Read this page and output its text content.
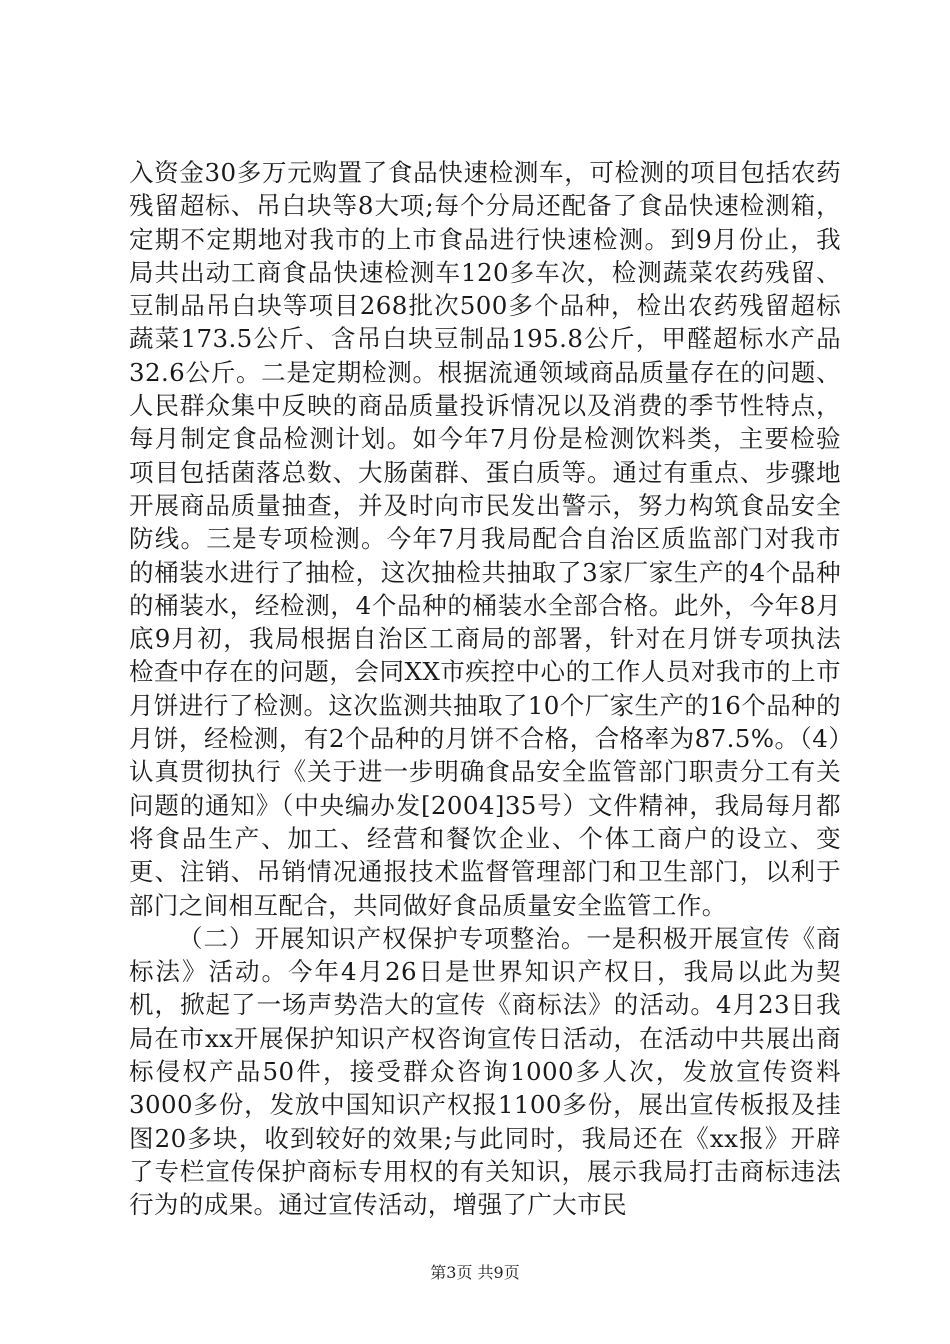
入资金30多万元购置了食品快速检测车，可检测的项目包括农药残留超标、吊白块等8大项;每个分局还配备了食品快速检测箱，定期不定期地对我市的上市食品进行快速检测。到9月份止，我局共出动工商食品快速检测车120多车次，检测蔬菜农药残留、豆制品吊白块等项目268批次500多个品种，检出农药残留超标蔬菜173.5公斤、含吊白块豆制品195.8公斤，甲醛超标水产品32.6公斤。二是定期检测。根据流通领域商品质量存在的问题、人民群众集中反映的商品质量投诉情况以及消费的季节性特点，每月制定食品检测计划。如今年7月份是检测饮料类，主要检验项目包括菌落总数、大肠菌群、蛋白质等。通过有重点、步骤地开展商品质量抽查，并及时向市民发出警示，努力构筑食品安全防线。三是专项检测。今年7月我局配合自治区质监部门对我市的桶装水进行了抽检，这次抽检共抽取了3家厂家生产的4个品种的桶装水，经检测，4个品种的桶装水全部合格。此外，今年8月底9月初，我局根据自治区工商局的部署，针对在月饼专项执法检查中存在的问题，会同XX市疾控中心的工作人员对我市的上市月饼进行了检测。这次监测共抽取了10个厂家生产的16个品种的月饼，经检测，有2个品种的月饼不合格，合格率为87.5%。（4）认真贯彻执行《关于进一步明确食品安全监管部门职责分工有关问题的通知》（中央编办发[2004]35号）文件精神，我局每月都将食品生产、加工、经营和餐饮企业、个体工商户的设立、变更、注销、吊销情况通报技术监督管理部门和卫生部门，以利于部门之间相互配合，共同做好食品质量安全监管工作。

（二）开展知识产权保护专项整治。一是积极开展宣传《商标法》活动。今年4月26日是世界知识产权日，我局以此为契机，掀起了一场声势浩大的宣传《商标法》的活动。4月23日我局在市xx开展保护知识产权咨询宣传日活动，在活动中共展出商标侵权产品50件，接受群众咨询1000多人次，发放宣传资料3000多份，发放中国知识产权报1100多份，展出宣传板报及挂图20多块，收到较好的效果;与此同时，我局还在《xx报》开辟了专栏宣传保护商标专用权的有关知识，展示我局打击商标违法行为的成果。通过宣传活动，增强了广大市民

第3页 共9页
